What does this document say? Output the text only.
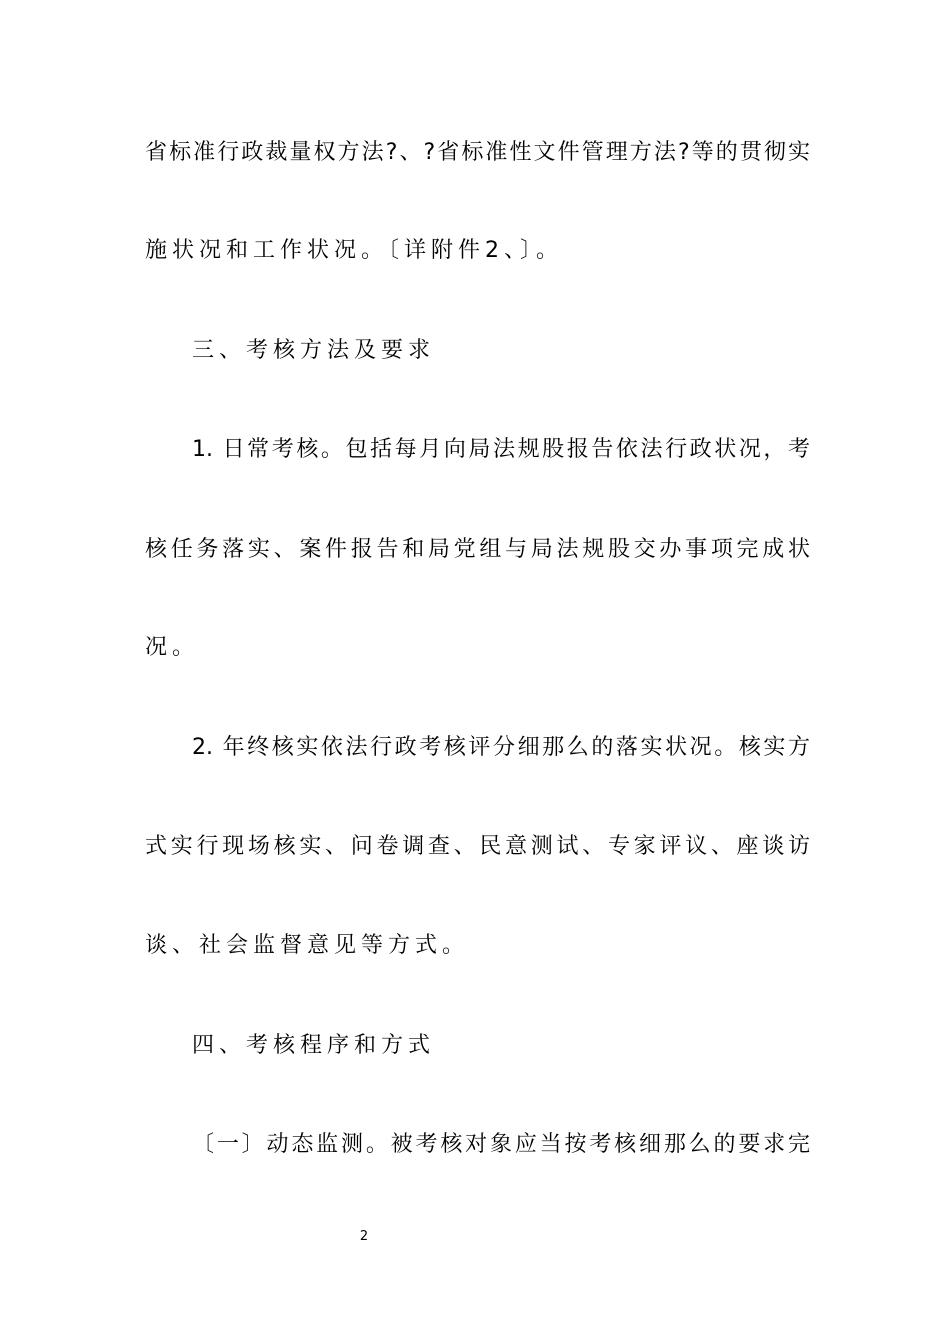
省标准行政裁量权方法?、?省标准性文件管理方法?等的贯彻实
施状况和工作状况。〔详附件2、〕。
三、考核方法及要求
1. 日常考核。包括每月向局法规股报告依法行政状况，考
核任务落实、案件报告和局党组与局法规股交办事项完成状
况。
2. 年终核实依法行政考核评分细那么的落实状况。核实方
式实行现场核实、问卷调查、民意测试、专家评议、座谈访
谈、社会监督意见等方式。
四、考核程序和方式
〔一〕动态监测。被考核对象应当按考核细那么的要求完
2
